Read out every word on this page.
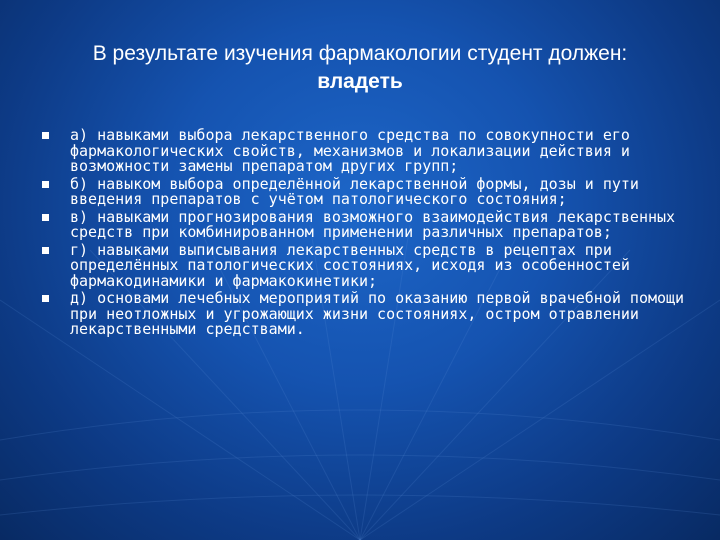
В результате изучения фармакологии студент должен:
владеть
а) навыками выбора лекарственного средства по совокупности его фармакологических свойств, механизмов и локализации действия и возможности замены препаратом других групп;
б) навыком выбора определённой лекарственной формы, дозы и пути введения препаратов с учётом патологического состояния;
в) навыками прогнозирования возможного взаимодействия лекарственных средств при комбинированном применении различных препаратов;
г) навыками выписывания лекарственных средств в рецептах при определённых патологических состояниях, исходя из особенностей фармакодинамики и фармакокинетики;
д) основами лечебных мероприятий по оказанию первой врачебной помощи при неотложных и угрожающих жизни состояниях, остром отравлении лекарственными средствами.
